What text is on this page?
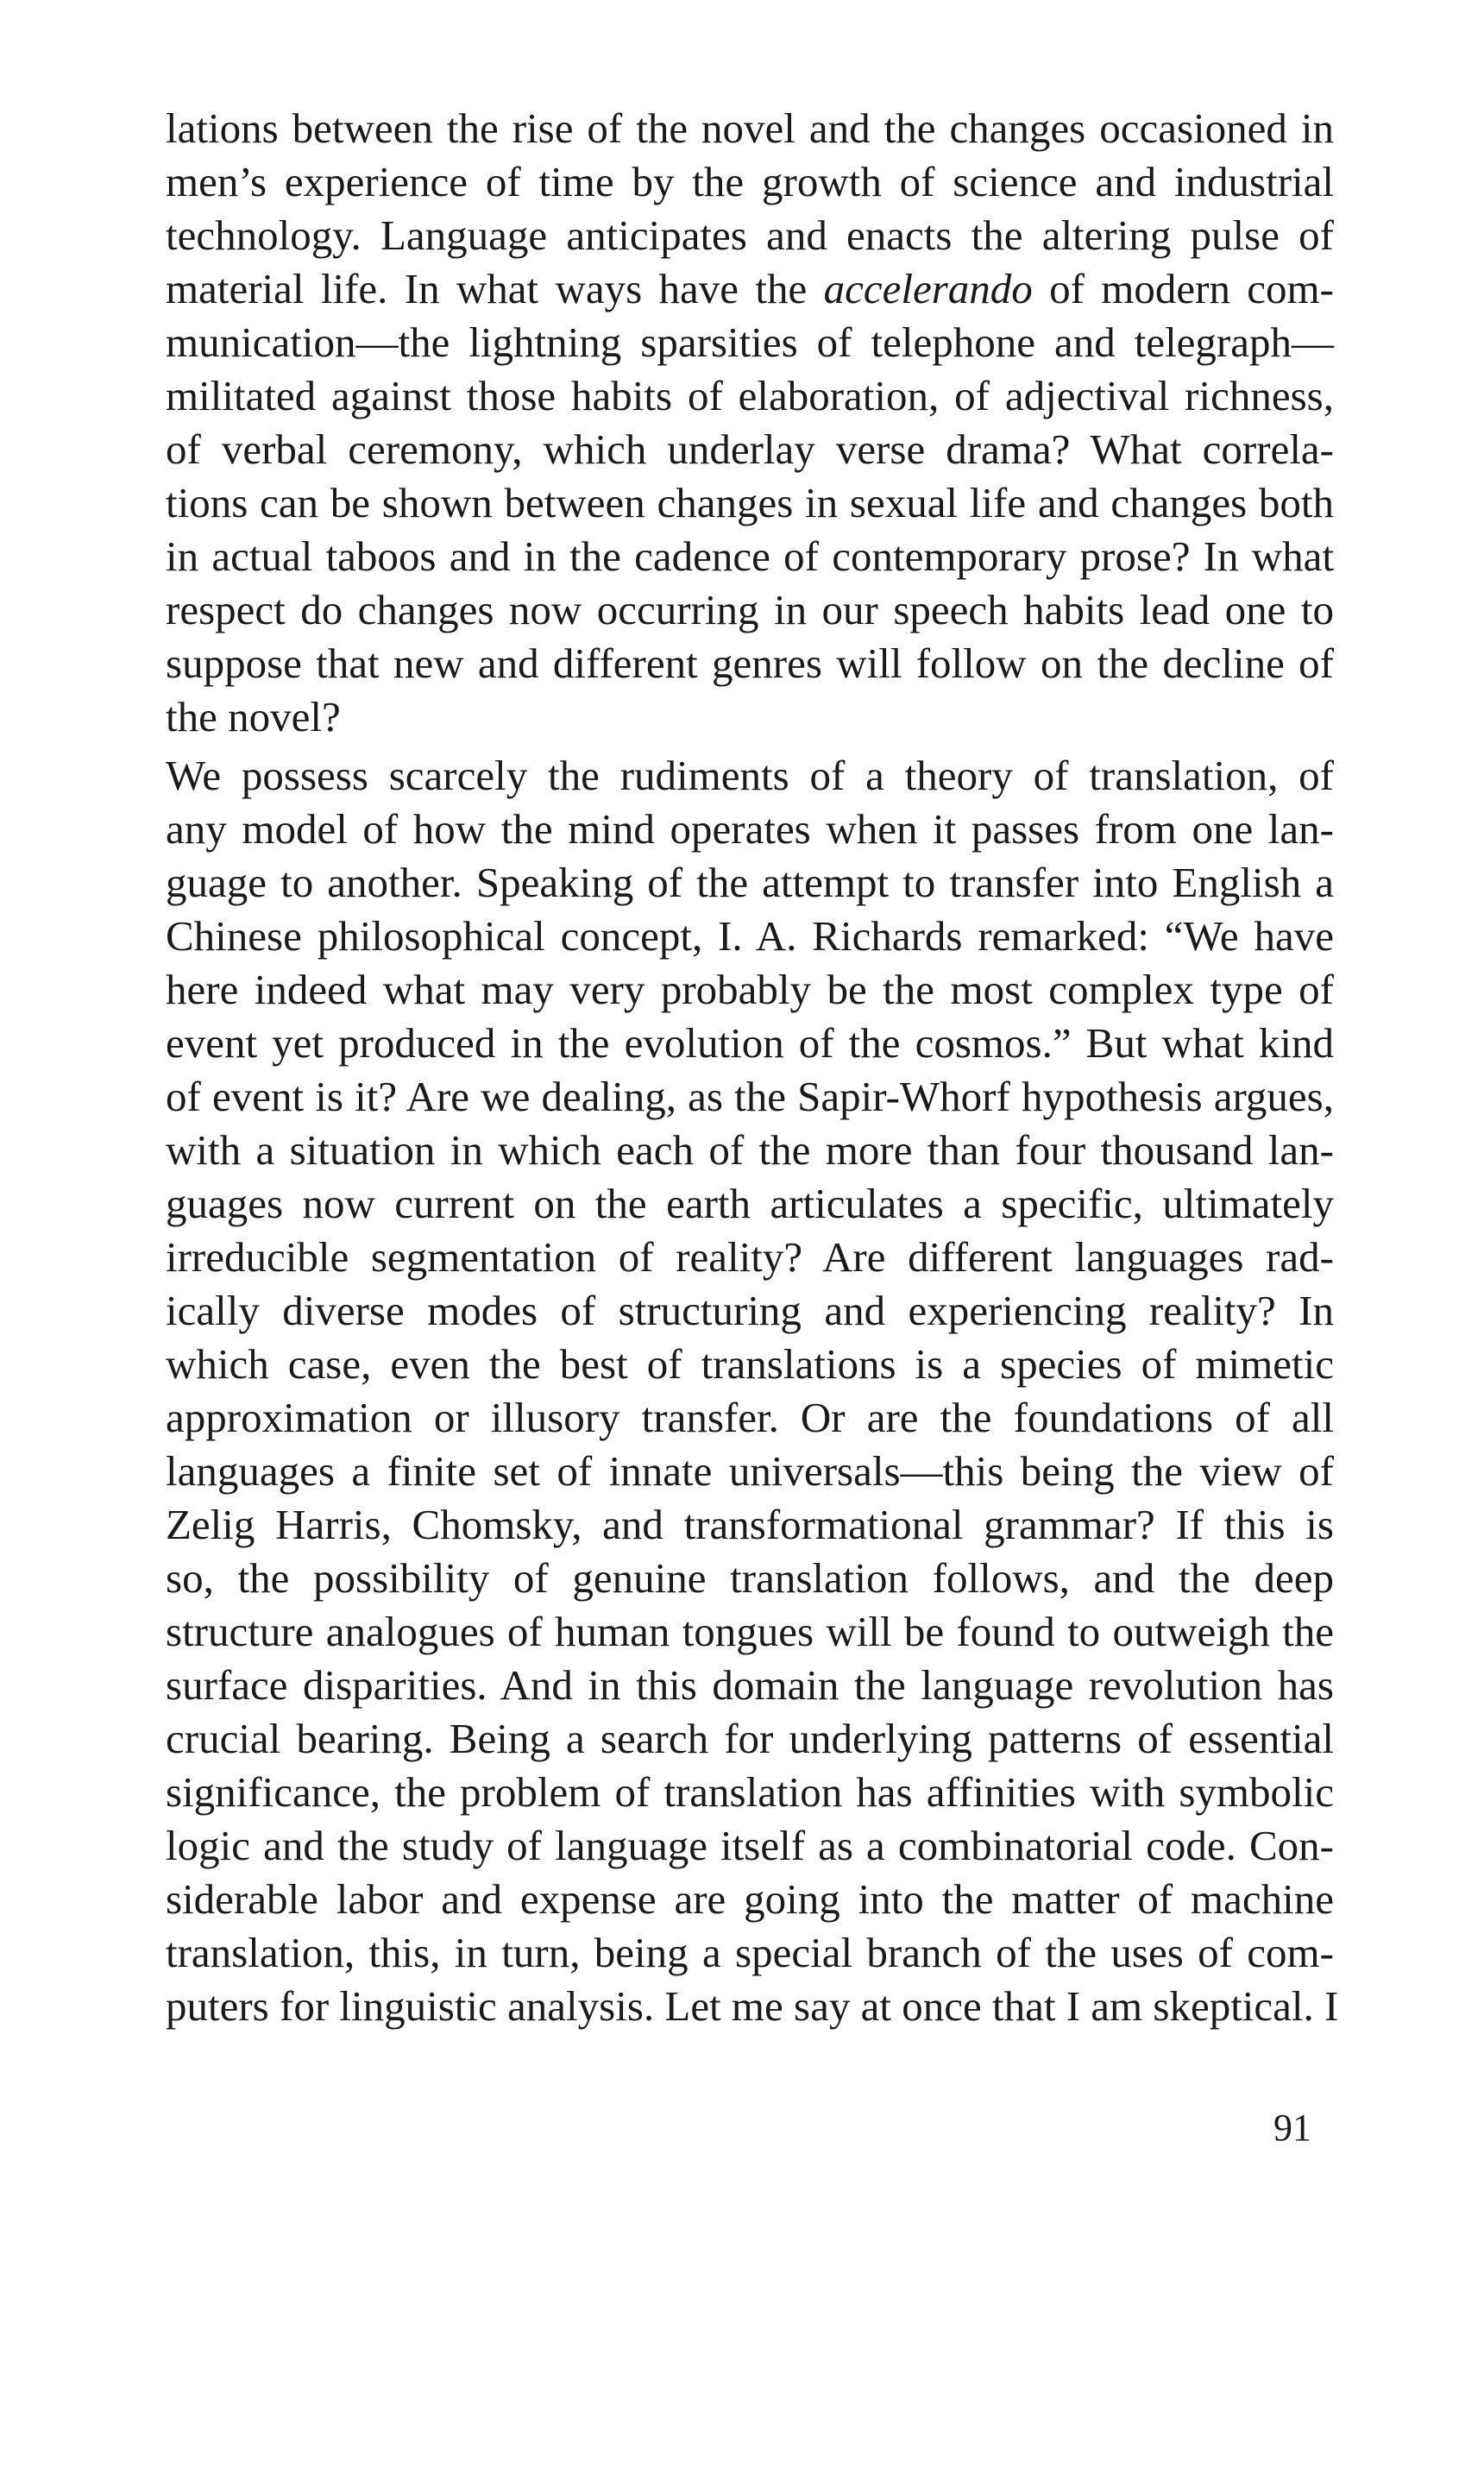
lations between the rise of the novel and the changes occasioned in
men’s experience of time by the growth of science and industrial
technology. Language anticipates and enacts the altering pulse of
material life. In what ways have the accelerando of modern com-
munication—the lightning sparsities of telephone and telegraph—
militated against those habits of elaboration, of adjectival richness,
of verbal ceremony, which underlay verse drama? What correla-
tions can be shown between changes in sexual life and changes both
in actual taboos and in the cadence of contemporary prose? In what
respect do changes now occurring in our speech habits lead one to
suppose that new and different genres will follow on the decline of
the novel?
We possess scarcely the rudiments of a theory of translation, of
any model of how the mind operates when it passes from one lan-
guage to another. Speaking of the attempt to transfer into English a
Chinese philosophical concept, I. A. Richards remarked: “We have
here indeed what may very probably be the most complex type of
event yet produced in the evolution of the cosmos.” But what kind
of event is it? Are we dealing, as the Sapir-Whorf hypothesis argues,
with a situation in which each of the more than four thousand lan-
guages now current on the earth articulates a specific, ultimately
irreducible segmentation of reality? Are different languages rad-
ically diverse modes of structuring and experiencing reality? In
which case, even the best of translations is a species of mimetic
approximation or illusory transfer. Or are the foundations of all
languages a finite set of innate universals—this being the view of
Zelig Harris, Chomsky, and transformational grammar? If this is
so, the possibility of genuine translation follows, and the deep
structure analogues of human tongues will be found to outweigh the
surface disparities. And in this domain the language revolution has
crucial bearing. Being a search for underlying patterns of essential
significance, the problem of translation has affinities with symbolic
logic and the study of language itself as a combinatorial code. Con-
siderable labor and expense are going into the matter of machine
translation, this, in turn, being a special branch of the uses of com-
puters for linguistic analysis. Let me say at once that I am skeptical. I
91
